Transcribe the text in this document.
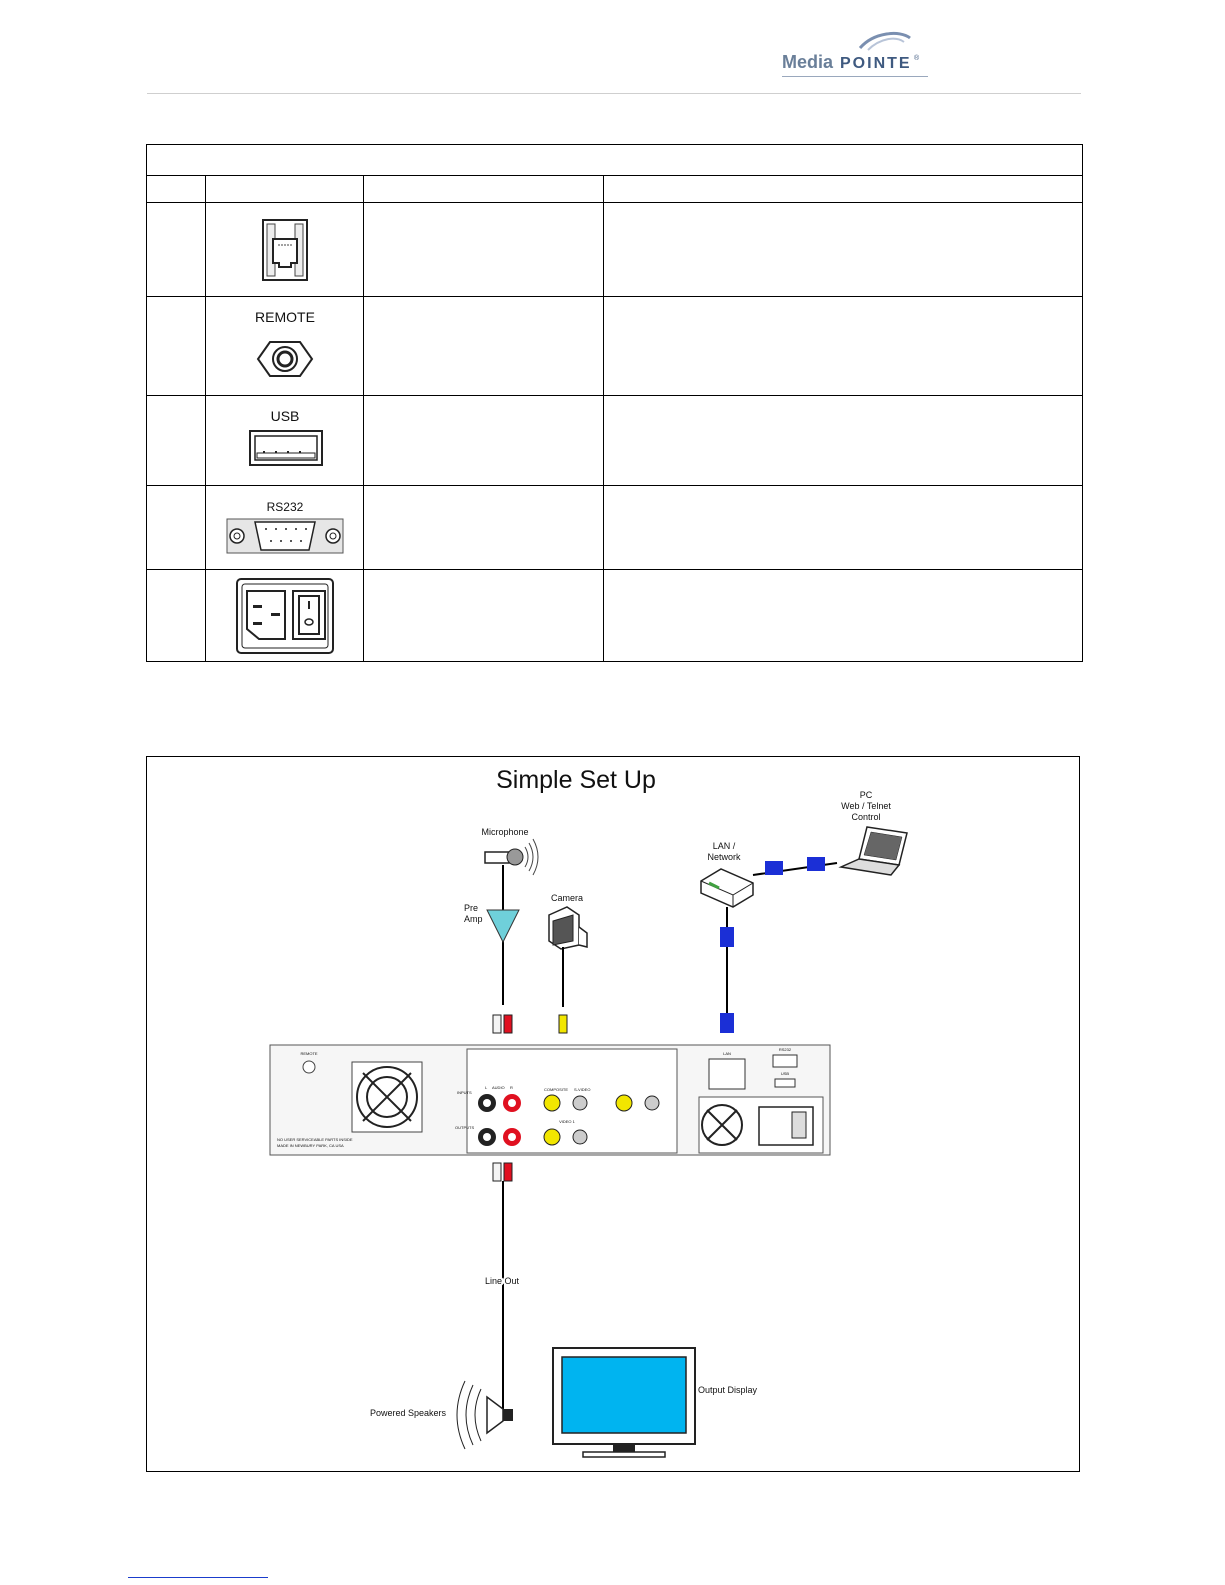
Media POINTE ®

REMOTE		

USB		

RS232		

Simple Set Up
Microphone
Pre
Amp
Camera
LAN /
Network
PC
Web / Telnet
Control
REMOTE
NO USER SERVICEABLE PARTS INSIDE
MADE IN NEWBURY PARK, CA USA
INPUTS
OUTPUTS
L AUDIO R	COMPOSITE S-VIDEO
VIDEO 1
LAN
RS232
USB
Line Out
Powered Speakers
Output Display
